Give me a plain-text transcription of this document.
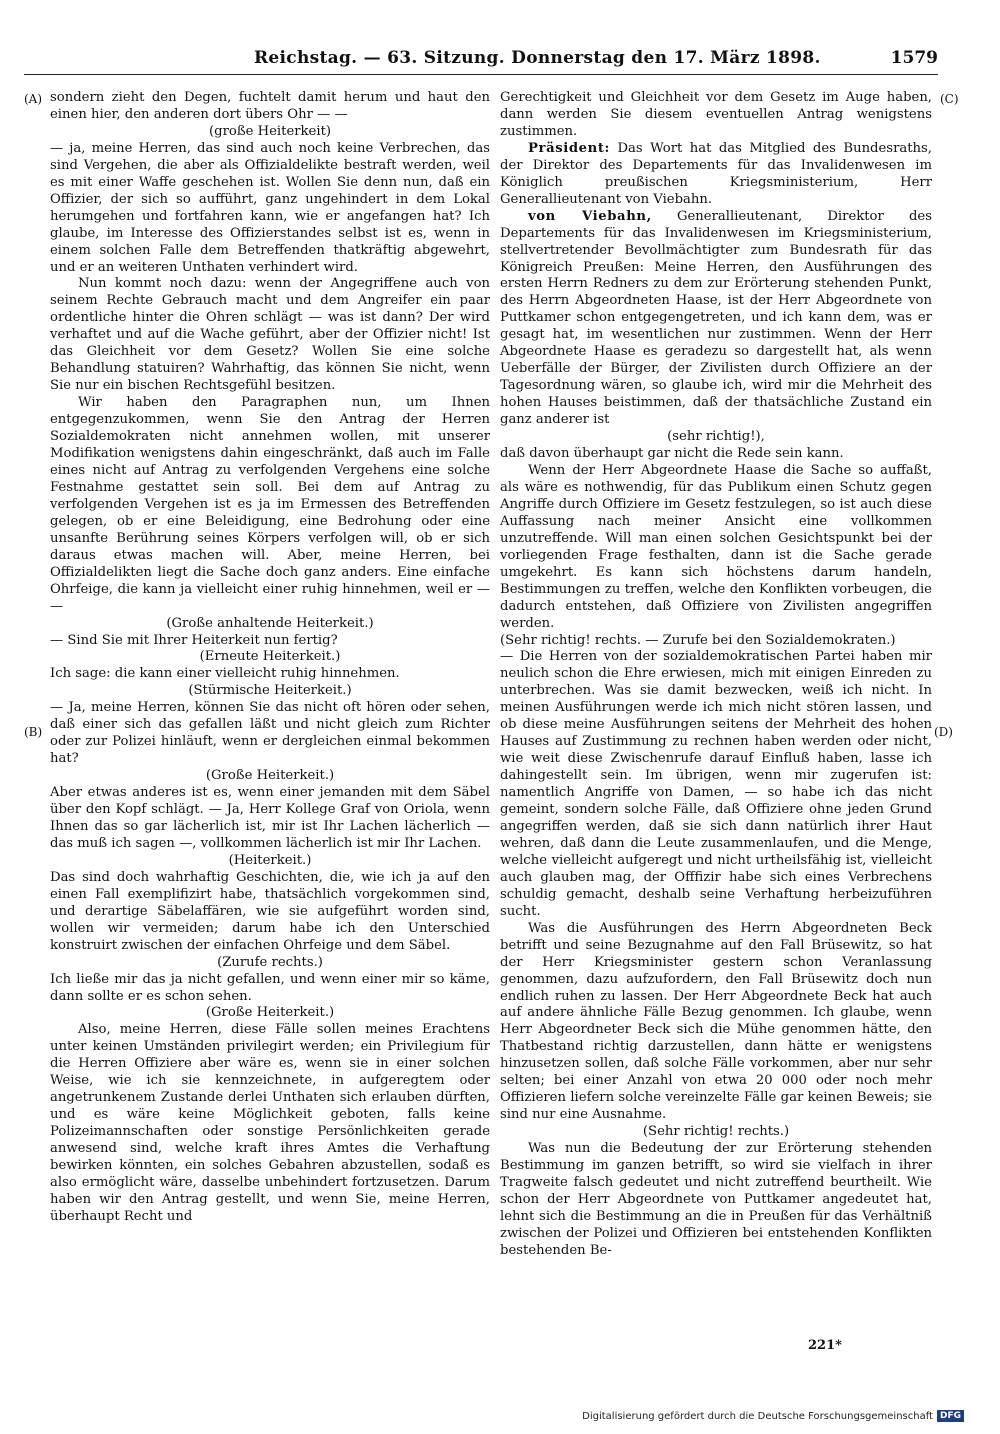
Reichstag. — 63. Sitzung. Donnerstag den 17. März 1898.	1579
(A)
(B)
(C)
(D)

sondern zieht den Degen, fuchtelt damit herum und haut den einen hier, den anderen dort übers Ohr — —

(große Heiterkeit)

— ja, meine Herren, das sind auch noch keine Verbrechen, das sind Vergehen, die aber als Offizialdelikte bestraft werden, weil es mit einer Waffe geschehen ist. Wollen Sie denn nun, daß ein Offizier, der sich so aufführt, ganz ungehindert in dem Lokal herumgehen und fortfahren kann, wie er angefangen hat? Ich glaube, im Interesse des Offizierstandes selbst ist es, wenn in einem solchen Falle dem Betreffenden thatkräftig abgewehrt, und er an weiteren Unthaten verhindert wird.

Nun kommt noch dazu: wenn der Angegriffene auch von seinem Rechte Gebrauch macht und dem Angreifer ein paar ordentliche hinter die Ohren schlägt — was ist dann? Der wird verhaftet und auf die Wache geführt, aber der Offizier nicht! Ist das Gleichheit vor dem Gesetz? Wollen Sie eine solche Behandlung statuiren? Wahrhaftig, das können Sie nicht, wenn Sie nur ein bischen Rechtsgefühl besitzen.

Wir haben den Paragraphen nun, um Ihnen entgegenzukommen, wenn Sie den Antrag der Herren Sozialdemokraten nicht annehmen wollen, mit unserer Modifikation wenigstens dahin eingeschränkt, daß auch im Falle eines nicht auf Antrag zu verfolgenden Vergehens eine solche Festnahme gestattet sein soll. Bei dem auf Antrag zu verfolgenden Vergehen ist es ja im Ermessen des Betreffenden gelegen, ob er eine Beleidigung, eine Bedrohung oder eine unsanfte Berührung seines Körpers verfolgen will, ob er sich daraus etwas machen will. Aber, meine Herren, bei Offizialdelikten liegt die Sache doch ganz anders. Eine einfache Ohrfeige, die kann ja vielleicht einer ruhig hinnehmen, weil er — —

(Große anhaltende Heiterkeit.)

— Sind Sie mit Ihrer Heiterkeit nun fertig?

(Erneute Heiterkeit.)

Ich sage: die kann einer vielleicht ruhig hinnehmen.

(Stürmische Heiterkeit.)

— Ja, meine Herren, können Sie das nicht oft hören oder sehen, daß einer sich das gefallen läßt und nicht gleich zum Richter oder zur Polizei hinläuft, wenn er dergleichen einmal bekommen hat?

(Große Heiterkeit.)

Aber etwas anderes ist es, wenn einer jemanden mit dem Säbel über den Kopf schlägt. — Ja, Herr Kollege Graf von Oriola, wenn Ihnen das so gar lächerlich ist, mir ist Ihr Lachen lächerlich — das muß ich sagen —, vollkommen lächerlich ist mir Ihr Lachen.

(Heiterkeit.)

Das sind doch wahrhaftig Geschichten, die, wie ich ja auf den einen Fall exemplifizirt habe, thatsächlich vorgekommen sind, und derartige Säbelaffären, wie sie aufgeführt worden sind, wollen wir vermeiden; darum habe ich den Unterschied konstruirt zwischen der einfachen Ohrfeige und dem Säbel.

(Zurufe rechts.)

Ich ließe mir das ja nicht gefallen, und wenn einer mir so käme, dann sollte er es schon sehen.

(Große Heiterkeit.)

Also, meine Herren, diese Fälle sollen meines Erachtens unter keinen Umständen privilegirt werden; ein Privilegium für die Herren Offiziere aber wäre es, wenn sie in einer solchen Weise, wie ich sie kennzeichnete, in aufgeregtem oder angetrunkenem Zustande derlei Unthaten sich erlauben dürften, und es wäre keine Möglichkeit geboten, falls keine Polizeimannschaften oder sonstige Persönlichkeiten gerade anwesend sind, welche kraft ihres Amtes die Verhaftung bewirken könnten, ein solches Gebahren abzustellen, sodaß es also ermöglicht wäre, dasselbe unbehindert fortzusetzen. Darum haben wir den Antrag gestellt, und wenn Sie, meine Herren, überhaupt Recht und

Gerechtigkeit und Gleichheit vor dem Gesetz im Auge haben, dann werden Sie diesem eventuellen Antrag wenigstens zustimmen.

Präsident: Das Wort hat das Mitglied des Bundesraths, der Direktor des Departements für das Invalidenwesen im Königlich preußischen Kriegsministerium, Herr Generallieutenant von Viebahn.

von Viebahn, Generallieutenant, Direktor des Departements für das Invalidenwesen im Kriegsministerium, stellvertretender Bevollmächtigter zum Bundesrath für das Königreich Preußen: Meine Herren, den Ausführungen des ersten Herrn Redners zu dem zur Erörterung stehenden Punkt, des Herrn Abgeordneten Haase, ist der Herr Abgeordnete von Puttkamer schon entgegengetreten, und ich kann dem, was er gesagt hat, im wesentlichen nur zustimmen. Wenn der Herr Abgeordnete Haase es geradezu so dargestellt hat, als wenn Ueberfälle der Bürger, der Zivilisten durch Offiziere an der Tagesordnung wären, so glaube ich, wird mir die Mehrheit des hohen Hauses beistimmen, daß der thatsächliche Zustand ein ganz anderer ist

(sehr richtig!),

daß davon überhaupt gar nicht die Rede sein kann.

Wenn der Herr Abgeordnete Haase die Sache so auffaßt, als wäre es nothwendig, für das Publikum einen Schutz gegen Angriffe durch Offiziere im Gesetz festzulegen, so ist auch diese Auffassung nach meiner Ansicht eine vollkommen unzutreffende. Will man einen solchen Gesichtspunkt bei der vorliegenden Frage festhalten, dann ist die Sache gerade umgekehrt. Es kann sich höchstens darum handeln, Bestimmungen zu treffen, welche den Konflikten vorbeugen, die dadurch entstehen, daß Offiziere von Zivilisten angegriffen werden.

(Sehr richtig! rechts. — Zurufe bei den Sozialdemokraten.)

— Die Herren von der sozialdemokratischen Partei haben mir neulich schon die Ehre erwiesen, mich mit einigen Einreden zu unterbrechen. Was sie damit bezwecken, weiß ich nicht. In meinen Ausführungen werde ich mich nicht stören lassen, und ob diese meine Ausführungen seitens der Mehrheit des hohen Hauses auf Zustimmung zu rechnen haben werden oder nicht, wie weit diese Zwischenrufe darauf Einfluß haben, lasse ich dahingestellt sein. Im übrigen, wenn mir zugerufen ist: namentlich Angriffe von Damen, — so habe ich das nicht gemeint, sondern solche Fälle, daß Offiziere ohne jeden Grund angegriffen werden, daß sie sich dann natürlich ihrer Haut wehren, daß dann die Leute zusammenlaufen, und die Menge, welche vielleicht aufgeregt und nicht urtheilsfähig ist, vielleicht auch glauben mag, der Offfizir habe sich eines Verbrechens schuldig gemacht, deshalb seine Verhaftung herbeizuführen sucht.

Was die Ausführungen des Herrn Abgeordneten Beck betrifft und seine Bezugnahme auf den Fall Brüsewitz, so hat der Herr Kriegsminister gestern schon Veranlassung genommen, dazu aufzufordern, den Fall Brüsewitz doch nun endlich ruhen zu lassen. Der Herr Abgeordnete Beck hat auch auf andere ähnliche Fälle Bezug genommen. Ich glaube, wenn Herr Abgeordneter Beck sich die Mühe genommen hätte, den Thatbestand richtig darzustellen, dann hätte er wenigstens hinzusetzen sollen, daß solche Fälle vorkommen, aber nur sehr selten; bei einer Anzahl von etwa 20 000 oder noch mehr Offizieren liefern solche vereinzelte Fälle gar keinen Beweis; sie sind nur eine Ausnahme.

(Sehr richtig! rechts.)

Was nun die Bedeutung der zur Erörterung stehenden Bestimmung im ganzen betrifft, so wird sie vielfach in ihrer Tragweite falsch gedeutet und nicht zutreffend beurtheilt. Wie schon der Herr Abgeordnete von Puttkamer angedeutet hat, lehnt sich die Bestimmung an die in Preußen für das Verhältniß zwischen der Polizei und Offizieren bei entstehenden Konflikten bestehenden Be-

221*
Digitalisierung gefördert durch die Deutsche Forschungsgemeinschaft DFG
